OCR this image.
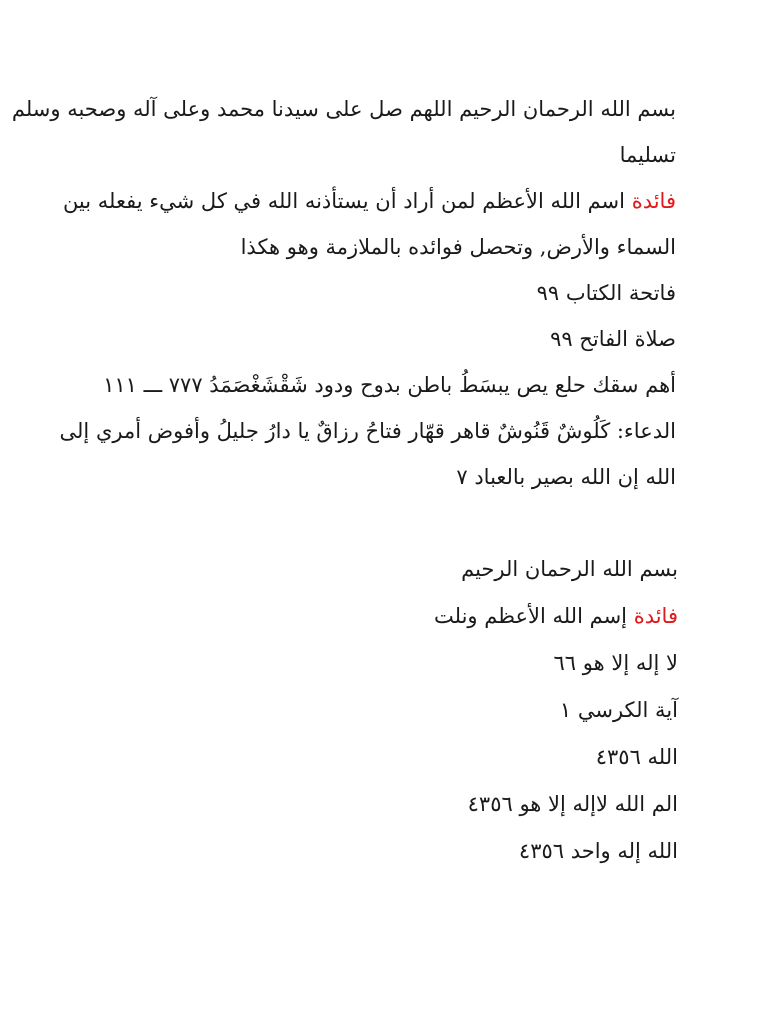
بسم الله الرحمان الرحيم اللهم صل على سيدنا محمد وعلى آله وصحبه وسلم
تسليما
فائدة اسم الله الأعظم لمن أراد أن يستأذنه الله في كل شيء يفعله بين
السماء والأرض, وتحصل فوائده بالملازمة وهو هكذا
فاتحة الكتاب ٩٩
صلاة الفاتح ٩٩
أهم سقك حلع يص يبسَطُ باطن بدوح ودود شَقْشَغْصَمَدُ ٧٧٧ ـــ ١١١
الدعاء: كَلُوشٌ قَنُوشٌ قاهر قهّار فتاحُ رزاقٌ يا دارُ جليلُ وأفوض أمري إلى
الله إن الله بصير بالعباد ٧
بسم الله الرحمان الرحيم
فائدة إسم الله الأعظم ونلت
لا إله إلا هو ٦٦
آية الكرسي ١
الله ٤٣٥٦
الم الله لاإله إلا هو ٤٣٥٦
الله إله واحد ٤٣٥٦
